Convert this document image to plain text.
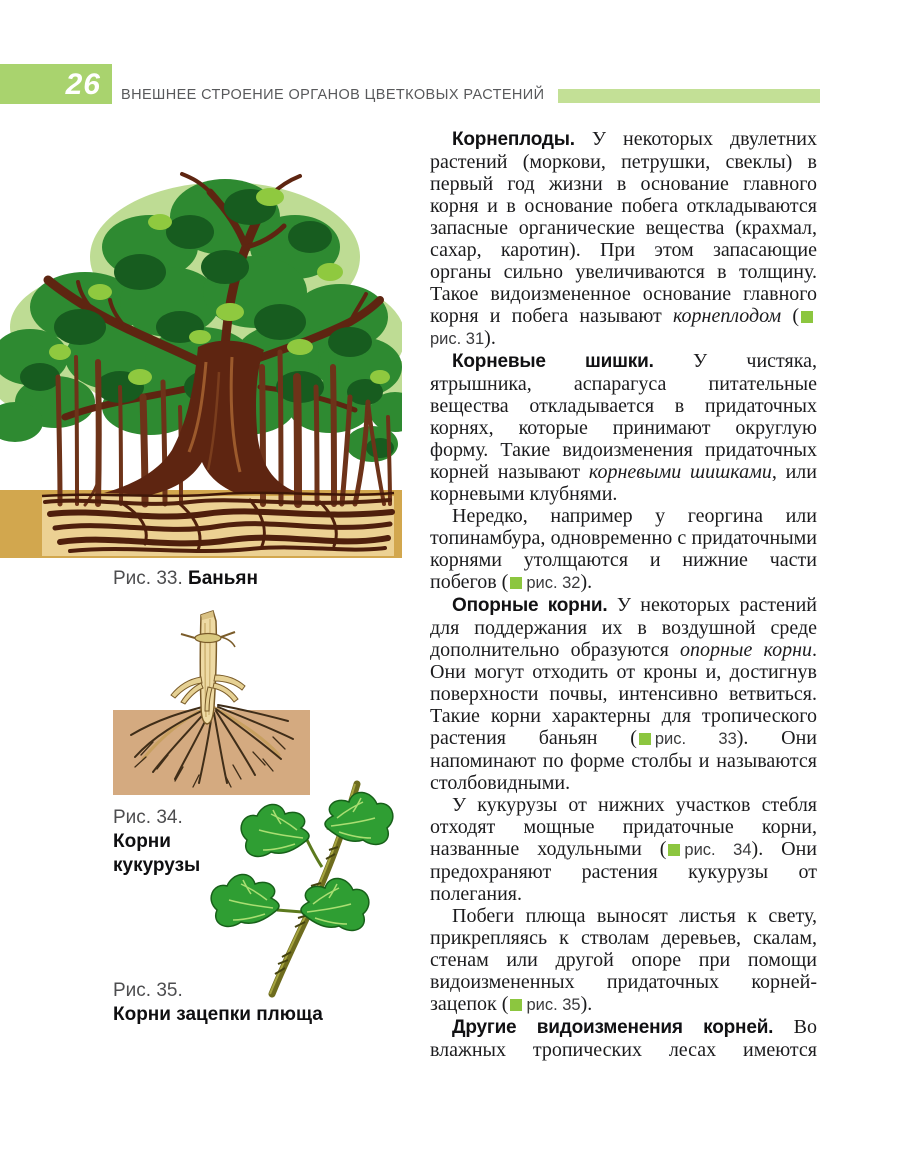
26 ВНЕШНЕЕ СТРОЕНИЕ ОРГАНОВ ЦВЕТКОВЫХ РАСТЕНИЙ
Рис. 33. Баньян
Рис. 34.
Корни
кукурузы
Рис. 35.
Корни зацепки плюща

Корнеплоды. У некоторых двулетних растений (моркови, петрушки, свеклы) в первый год жизни в основание главного корня и в основание побега откладываются запасные органические вещества (крахмал, сахар, каротин). При этом запасающие органы сильно увеличиваются в толщину. Такое видоизмененное основание главного корня и побега называют корнеплодом (рис. 31).

Корневые шишки. У чистяка, ятрышника, аспарагуса питательные вещества откладывается в придаточных корнях, которые принимают округлую форму. Такие видоизменения придаточных корней называют корневыми шишками, или корневыми клубнями.

Нередко, например у георгина или топинамбура, одновременно с придаточными корнями утолщаются и нижние части побегов ( рис. 32).

Опорные корни. У некоторых растений для поддержания их в воздушной среде дополнительно образуются опорные корни. Они могут отходить от кроны и, достигнув поверхности почвы, интенсивно ветвиться. Такие корни характерны для тропического растения баньян ( рис. 33). Они напоминают по форме столбы и называются столбовидными.

У кукурузы от нижних участков стебля отходят мощные придаточные корни, названные ходульными ( рис. 34). Они предохраняют растения кукурузы от полегания.

Побеги плюща выносят листья к свету, прикрепляясь к стволам деревьев, скалам, стенам или другой опоре при помощи видоизмененных придаточных корней-зацепок ( рис. 35).

Другие видоизменения корней. Во влажных тропических лесах имеются
